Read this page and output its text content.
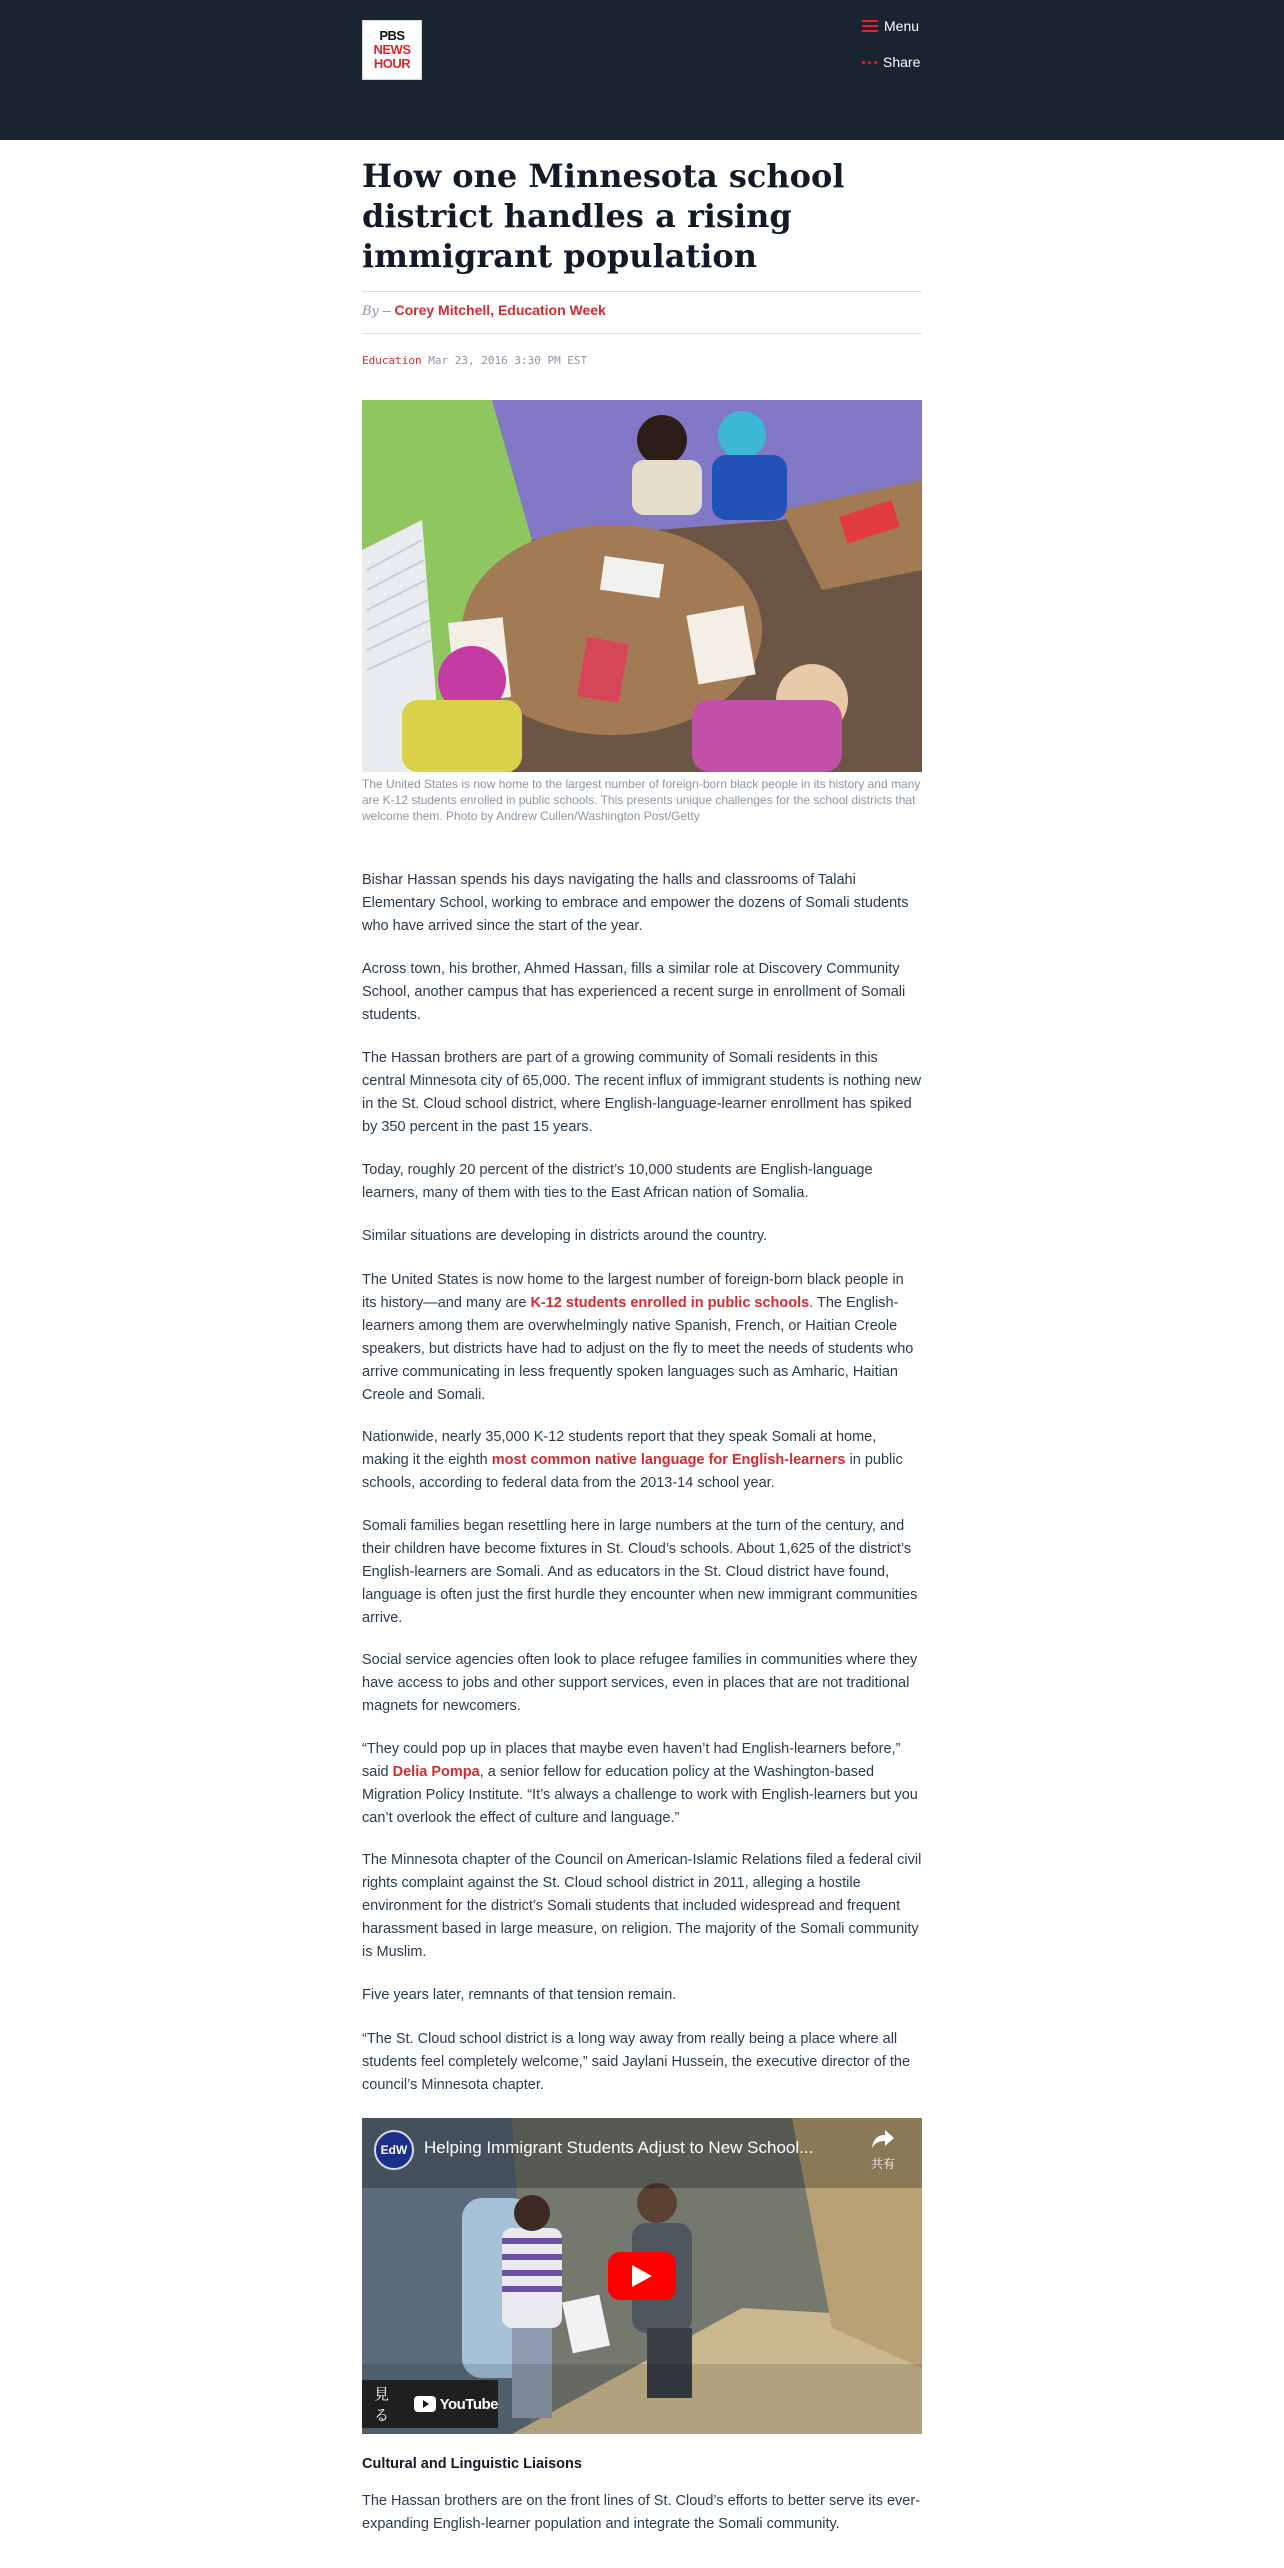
PBS
NEWS
HOUR
Menu
Share
How one Minnesota school district handles a rising immigrant population
By – Corey Mitchell, Education Week
Education Mar 23, 2016 3:30 PM EST
The United States is now home to the largest number of foreign-born black people in its history and many are K-12 students enrolled in public schools. This presents unique challenges for the school districts that welcome them. Photo by Andrew Cullen/Washington Post/Getty

Bishar Hassan spends his days navigating the halls and classrooms of Talahi Elementary School, working to embrace and empower the dozens of Somali students who have arrived since the start of the year.

Across town, his brother, Ahmed Hassan, fills a similar role at Discovery Community School, another campus that has experienced a recent surge in enrollment of Somali students.

The Hassan brothers are part of a growing community of Somali residents in this central Minnesota city of 65,000. The recent influx of immigrant students is nothing new in the St. Cloud school district, where English-language-learner enrollment has spiked by 350 percent in the past 15 years.

Today, roughly 20 percent of the district’s 10,000 students are English-language learners, many of them with ties to the East African nation of Somalia.

Similar situations are developing in districts around the country.

The United States is now home to the largest number of foreign-born black people in its history—and many are K-12 students enrolled in public schools. The English-learners among them are overwhelmingly native Spanish, French, or Haitian Creole speakers, but districts have had to adjust on the fly to meet the needs of students who arrive communicating in less frequently spoken languages such as Amharic, Haitian Creole and Somali.

Nationwide, nearly 35,000 K-12 students report that they speak Somali at home, making it the eighth most common native language for English-learners in public schools, according to federal data from the 2013-14 school year.

Somali families began resettling here in large numbers at the turn of the century, and their children have become fixtures in St. Cloud’s schools. About 1,625 of the district’s English-learners are Somali. And as educators in the St. Cloud district have found, language is often just the first hurdle they encounter when new immigrant communities arrive.

Social service agencies often look to place refugee families in communities where they have access to jobs and other support services, even in places that are not traditional magnets for newcomers.

“They could pop up in places that maybe even haven’t had English-learners before,” said Delia Pompa, a senior fellow for education policy at the Washington-based Migration Policy Institute. “It’s always a challenge to work with English-learners but you can’t overlook the effect of culture and language.”

The Minnesota chapter of the Council on American-Islamic Relations filed a federal civil rights complaint against the St. Cloud school district in 2011, alleging a hostile environment for the district’s Somali students that included widespread and frequent harassment based in large measure, on religion. The majority of the Somali community is Muslim.

Five years later, remnants of that tension remain.

“The St. Cloud school district is a long way away from really being a place where all students feel completely welcome,” said Jaylani Hussein, the executive director of the council’s Minnesota chapter.

EdW Helping Immigrant Students Adjust to New School...
共有
見る
YouTube
Cultural and Linguistic Liaisons

The Hassan brothers are on the front lines of St. Cloud’s efforts to better serve its ever-expanding English-learner population and integrate the Somali community.
